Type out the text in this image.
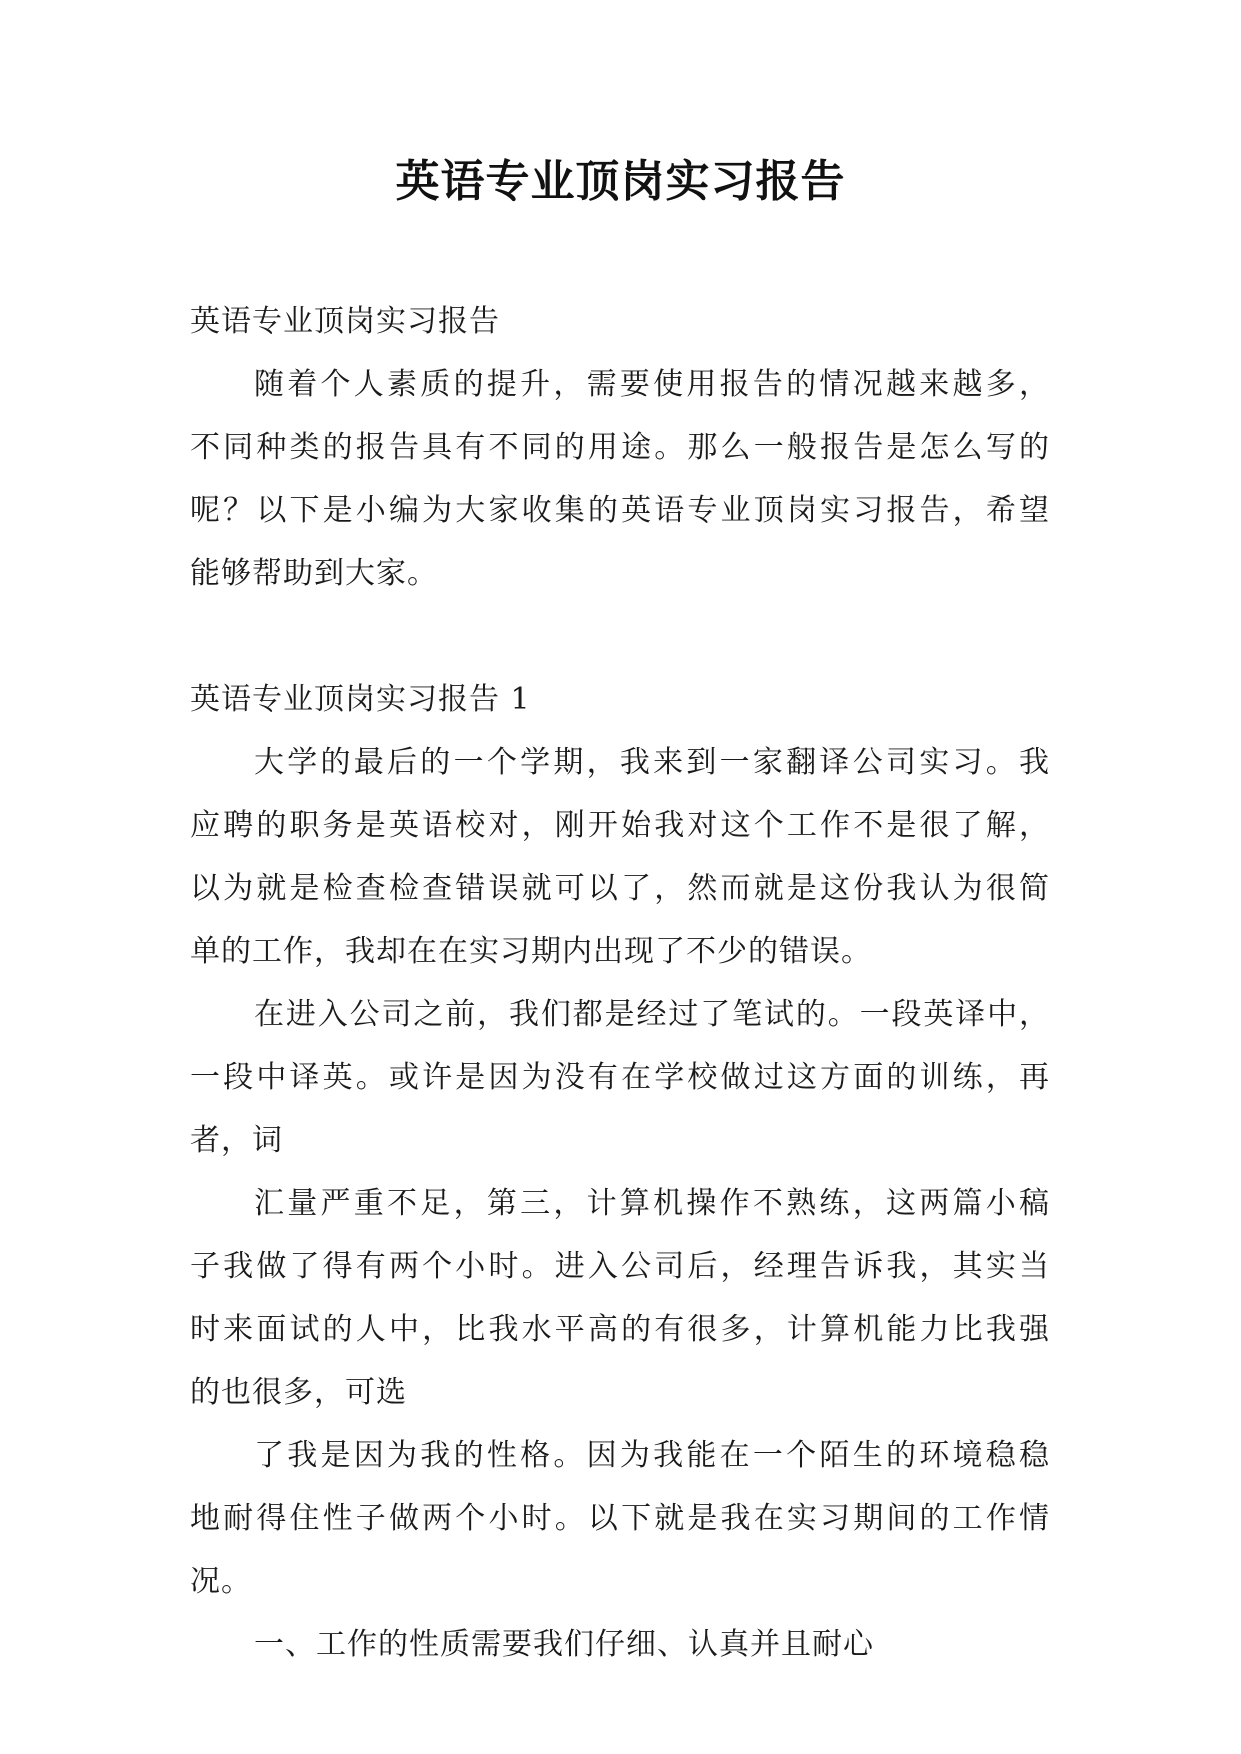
英语专业顶岗实习报告
英语专业顶岗实习报告
随着个人素质的提升，需要使用报告的情况越来越多，
不同种类的报告具有不同的用途。那么一般报告是怎么写的
呢？以下是小编为大家收集的英语专业顶岗实习报告，希望
能够帮助到大家。
英语专业顶岗实习报告 1
大学的最后的一个学期，我来到一家翻译公司实习。我
应聘的职务是英语校对，刚开始我对这个工作不是很了解，
以为就是检查检查错误就可以了，然而就是这份我认为很简
单的工作，我却在在实习期内出现了不少的错误。
在进入公司之前，我们都是经过了笔试的。一段英译中，
一段中译英。或许是因为没有在学校做过这方面的训练，再
者，词
汇量严重不足，第三，计算机操作不熟练，这两篇小稿
子我做了得有两个小时。进入公司后，经理告诉我，其实当
时来面试的人中，比我水平高的有很多，计算机能力比我强
的也很多，可选
了我是因为我的性格。因为我能在一个陌生的环境稳稳
地耐得住性子做两个小时。以下就是我在实习期间的工作情
况。
一、工作的性质需要我们仔细、认真并且耐心
